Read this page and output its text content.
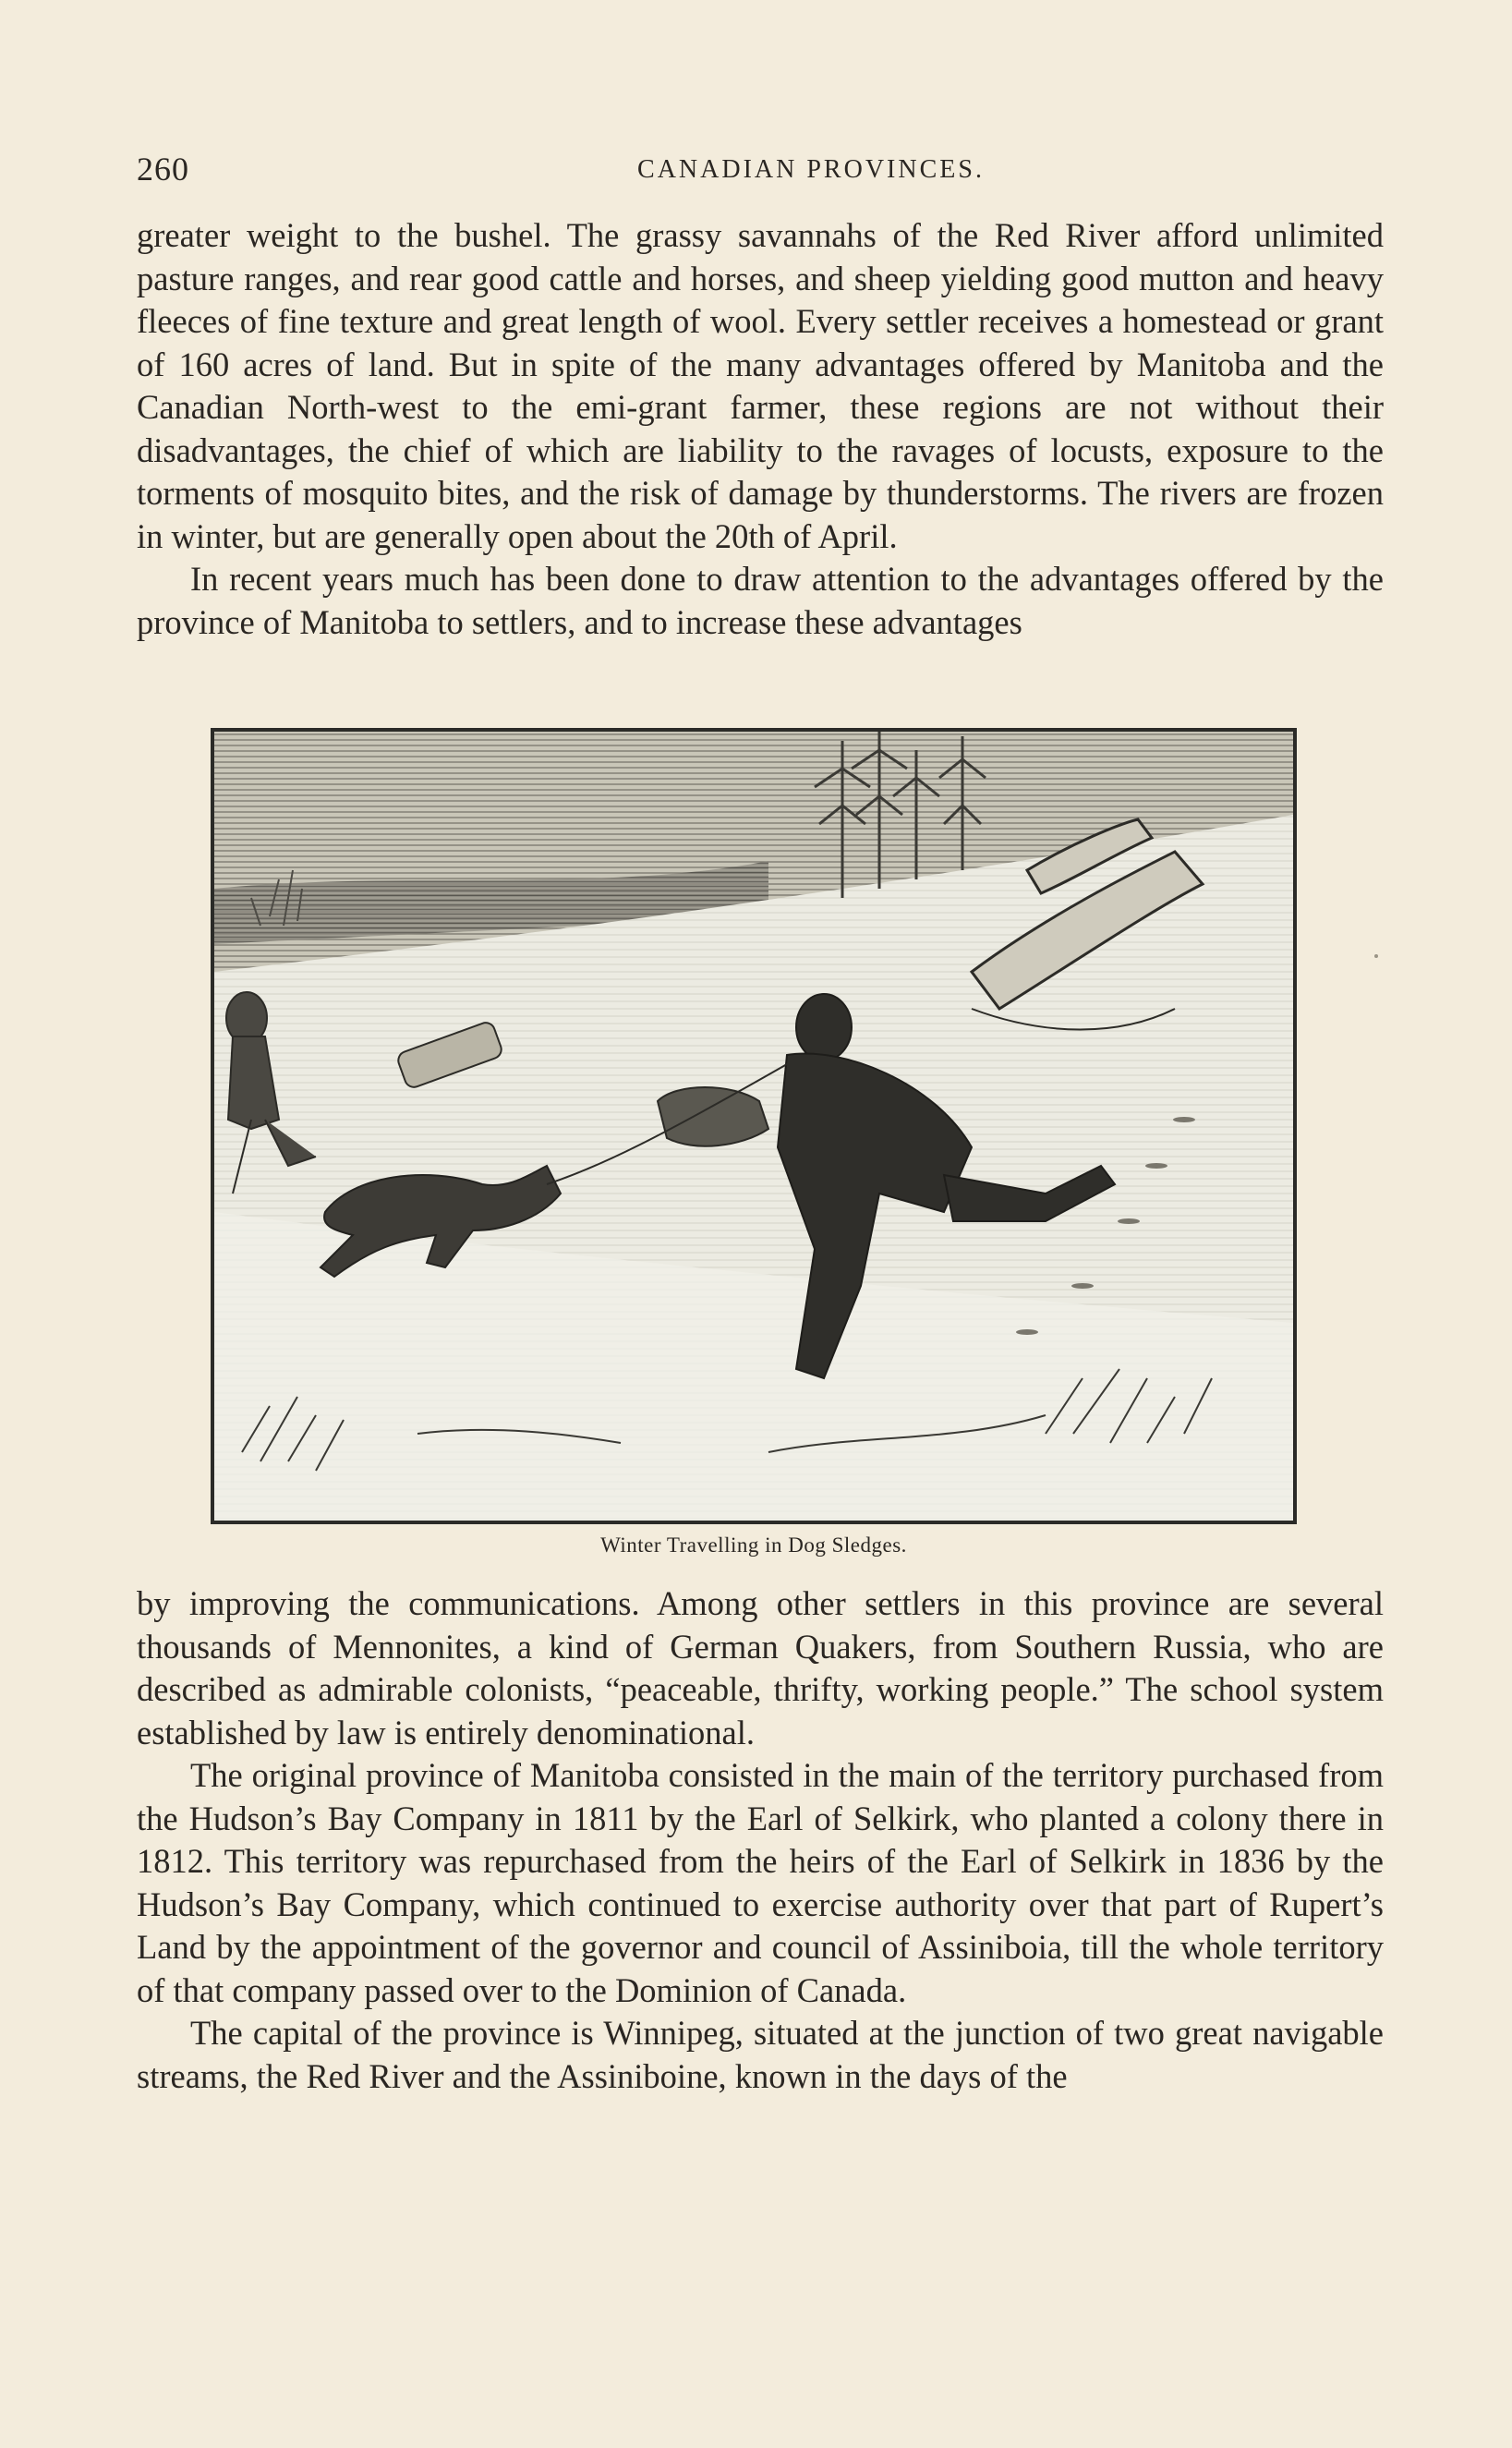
260	CANADIAN PROVINCES.

greater weight to the bushel. The grassy savannahs of the Red River afford unlimited pasture ranges, and rear good cattle and horses, and sheep yielding good mutton and heavy fleeces of fine texture and great length of wool. Every settler receives a homestead or grant of 160 acres of land. But in spite of the many advantages offered by Manitoba and the Canadian North-west to the emi-grant farmer, these regions are not without their disadvantages, the chief of which are liability to the ravages of locusts, exposure to the torments of mosquito bites, and the risk of damage by thunderstorms. The rivers are frozen in winter, but are generally open about the 20th of April.

In recent years much has been done to draw attention to the advantages offered by the province of Manitoba to settlers, and to increase these advantages

Winter Travelling in Dog Sledges.

by improving the communications. Among other settlers in this province are several thousands of Mennonites, a kind of German Quakers, from Southern Russia, who are described as admirable colonists, “peaceable, thrifty, working people.” The school system established by law is entirely denominational.

The original province of Manitoba consisted in the main of the territory purchased from the Hudson’s Bay Company in 1811 by the Earl of Selkirk, who planted a colony there in 1812. This territory was repurchased from the heirs of the Earl of Selkirk in 1836 by the Hudson’s Bay Company, which continued to exercise authority over that part of Rupert’s Land by the appointment of the governor and council of Assiniboia, till the whole territory of that company passed over to the Dominion of Canada.

The capital of the province is Winnipeg, situated at the junction of two great navigable streams, the Red River and the Assiniboine, known in the days of the
